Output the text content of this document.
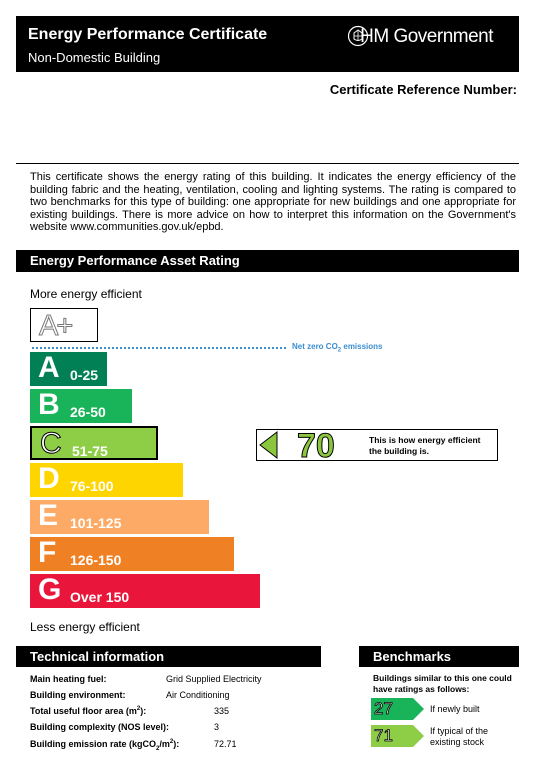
Energy Performance Certificate
Non-Domestic Building
HM Government
Certificate Reference Number:
This certificate shows the energy rating of this building. It indicates the energy efficiency of the building fabric and the heating, ventilation, cooling and lighting systems. The rating is compared to two benchmarks for this type of building: one appropriate for new buildings and one appropriate for existing buildings. There is more advice on how to interpret this information on the Government's website www.communities.gov.uk/epbd.
Energy Performance Asset Rating
More energy efficient
A+
Net zero $CO_2$ emissions
A 0-25
B 26-50
C 51-75
D 76-100
E 101-125
F 126-150
G Over 150
70	This is how energy efficient the building is.
Less energy efficient
Technical information
Main heating fuel:	Grid Supplied Electricity
Building environment:	Air Conditioning
Total useful floor area $(m^2)$:	335
Building complexity (NOS level):	3
Building emission rate $(kgCO_2/m^2)$:	72.71
Benchmarks
Buildings similar to this one could have ratings as follows:
27	If newly built
71	If typical of the existing stock
